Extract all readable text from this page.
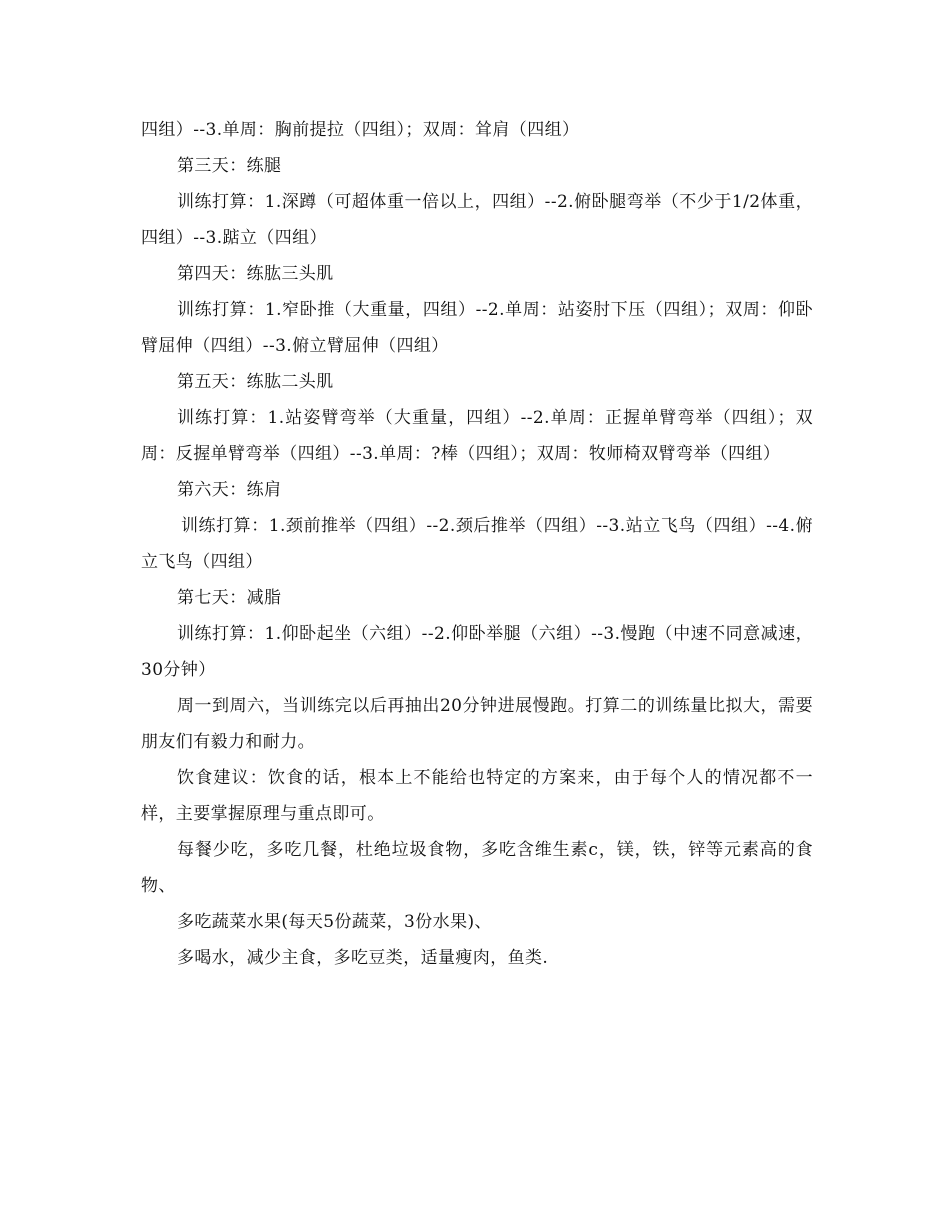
四组）--3.单周：胸前提拉（四组）；双周：耸肩（四组）

第三天：练腿

训练打算：1.深蹲（可超体重一倍以上，四组）--2.俯卧腿弯举（不少于1/2体重，四组）--3.踮立（四组）

第四天：练肱三头肌

训练打算：1.窄卧推（大重量，四组）--2.单周：站姿肘下压（四组）；双周：仰卧臂屈伸（四组）--3.俯立臂屈伸（四组）

第五天：练肱二头肌

训练打算：1.站姿臂弯举（大重量，四组）--2.单周：正握单臂弯举（四组）；双周：反握单臂弯举（四组）--3.单周：?棒（四组）；双周：牧师椅双臂弯举（四组）

第六天：练肩

训练打算：1.颈前推举（四组）--2.颈后推举（四组）--3.站立飞鸟（四组）--4.俯立飞鸟（四组）

第七天：减脂

训练打算：1.仰卧起坐（六组）--2.仰卧举腿（六组）--3.慢跑（中速不同意减速，30分钟）

周一到周六，当训练完以后再抽出20分钟进展慢跑。打算二的训练量比拟大，需要朋友们有毅力和耐力。

饮食建议：饮食的话，根本上不能给也特定的方案来，由于每个人的情况都不一样，主要掌握原理与重点即可。

每餐少吃，多吃几餐，杜绝垃圾食物，多吃含维生素c，镁，铁，锌等元素高的食物、

多吃蔬菜水果(每天5份蔬菜，3份水果)、

多喝水，减少主食，多吃豆类，适量瘦肉，鱼类.
